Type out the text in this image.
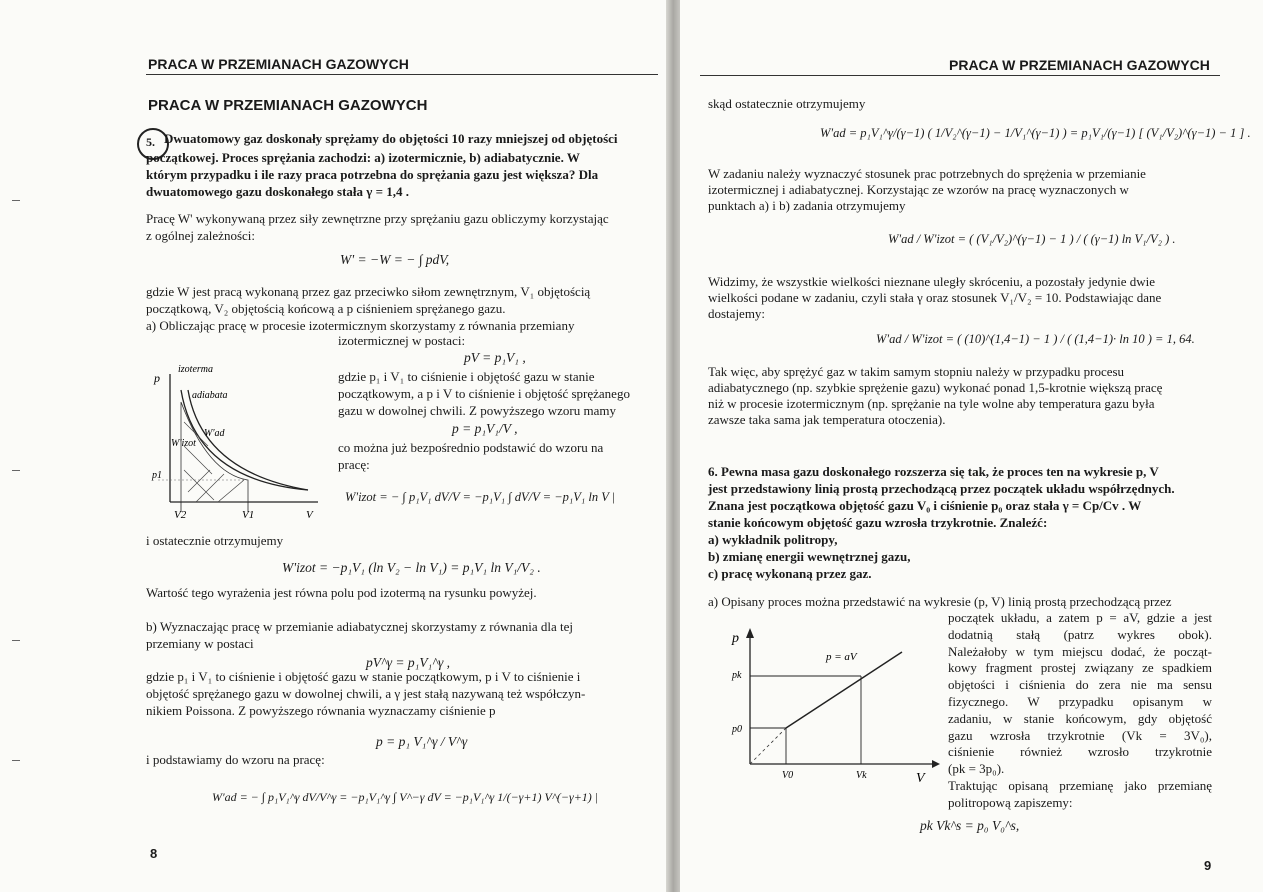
PRACA W PRZEMIANACH GAZOWYCH
PRACA W PRZEMIANACH GAZOWYCH
5. Dwuatomowy gaz doskonały sprężamy do objętości 10 razy mniejszej od objętości
początkowej. Proces sprężania zachodzi: a) izotermicznie, b) adiabatycznie. W
którym przypadku i ile razy praca potrzebna do sprężania gazu jest większa? Dla
dwuatomowego gazu doskonałego stała γ = 1,4 .
Pracę W' wykonywaną przez siły zewnętrzne przy sprężaniu gazu obliczymy korzystając
z ogólnej zależności:
W' = −W = − ∫ pdV,
gdzie W jest pracą wykonaną przez gaz przeciwko siłom zewnętrznym, V₁ objętością
początkową, V₂ objętością końcową a p ciśnieniem sprężanego gazu.
a) Obliczając pracę w procesie izotermicznym skorzystamy z równania przemiany
izotermicznej w postaci:
pV = p₁V₁ ,
p
izoterma
adiabata
W'ad
W'izot
p1
V2	V1	V
gdzie p₁ i V₁ to ciśnienie i objętość gazu w stanie
początkowym, a p i V to ciśnienie i objętość sprężanego
gazu w dowolnej chwili. Z powyższego wzoru mamy
p = p₁V₁/V ,
co można już bezpośrednio podstawić do wzoru na
pracę:
W'izot = − ∫ p₁V₁ dV/V = −p₁V₁ ∫ dV/V = −p₁V₁ ln V |
i ostatecznie otrzymujemy
W'izot = −p₁V₁ (ln V₂ − ln V₁) = p₁V₁ ln V₁/V₂ .
Wartość tego wyrażenia jest równa polu pod izotermą na rysunku powyżej.
b) Wyznaczając pracę w przemianie adiabatycznej skorzystamy z równania dla tej
przemiany w postaci
pV^γ = p₁V₁^γ ,
gdzie p₁ i V₁ to ciśnienie i objętość gazu w stanie początkowym, p i V to ciśnienie i
objętość sprężanego gazu w dowolnej chwili, a γ jest stałą nazywaną też współczyn-
nikiem Poissona. Z powyższego równania wyznaczamy ciśnienie p
p = p₁ V₁^γ / V^γ
i podstawiamy do wzoru na pracę:
W'ad = − ∫ p₁V₁^γ dV/V^γ = −p₁V₁^γ ∫ V^−γ dV = −p₁V₁^γ 1/(−γ+1) V^(−γ+1) |
8
PRACA W PRZEMIANACH GAZOWYCH
skąd ostatecznie otrzymujemy
W'ad = p₁V₁^γ/(γ−1) ( 1/V₂^(γ−1) − 1/V₁^(γ−1) ) = p₁V₁/(γ−1) [ (V₁/V₂)^(γ−1) − 1 ] .
W zadaniu należy wyznaczyć stosunek prac potrzebnych do sprężenia w przemianie
izotermicznej i adiabatycznej. Korzystając ze wzorów na pracę wyznaczonych w
punktach a) i b) zadania otrzymujemy
W'ad / W'izot = ( (V₁/V₂)^(γ−1) − 1 ) / ( (γ−1) ln V₁/V₂ ) .
Widzimy, że wszystkie wielkości nieznane uległy skróceniu, a pozostały jedynie dwie
wielkości podane w zadaniu, czyli stała γ oraz stosunek V₁/V₂ = 10. Podstawiając dane
dostajemy:
W'ad / W'izot = ( (10)^(1,4−1) − 1 ) / ( (1,4−1)· ln 10 ) = 1, 64.
Tak więc, aby sprężyć gaz w takim samym stopniu należy w przypadku procesu
adiabatycznego (np. szybkie sprężenie gazu) wykonać ponad 1,5-krotnie większą pracę
niż w procesie izotermicznym (np. sprężanie na tyle wolne aby temperatura gazu była
zawsze taka sama jak temperatura otoczenia).
6. Pewna masa gazu doskonałego rozszerza się tak, że proces ten na wykresie p, V
jest przedstawiony linią prostą przechodzącą przez początek układu współrzędnych.
Znana jest początkowa objętość gazu V₀ i ciśnienie p₀ oraz stała γ = Cp/Cv . W
stanie końcowym objętość gazu wzrosła trzykrotnie. Znaleźć:
a) wykładnik politropy,
b) zmianę energii wewnętrznej gazu,
c) pracę wykonaną przez gaz.
a) Opisany proces można przedstawić na wykresie (p, V) linią prostą przechodzącą przez
p
pk
p0
V0	Vk	V
p = aV
początek układu, a zatem p = aV, gdzie a jest
dodatnią stałą (patrz wykres obok).
Należałoby w tym miejscu dodać, że począt-
kowy fragment prostej związany ze spadkiem
objętości i ciśnienia do zera nie ma sensu
fizycznego. W przypadku opisanym w
zadaniu, w stanie końcowym, gdy objętość
gazu wzrosła trzykrotnie (Vk = 3V₀),
ciśnienie również wzrosło trzykrotnie
(pk = 3p₀).
Traktując opisaną przemianę jako przemianę
politropową zapiszemy:
pk Vk^s = p₀ V₀^s,
9
